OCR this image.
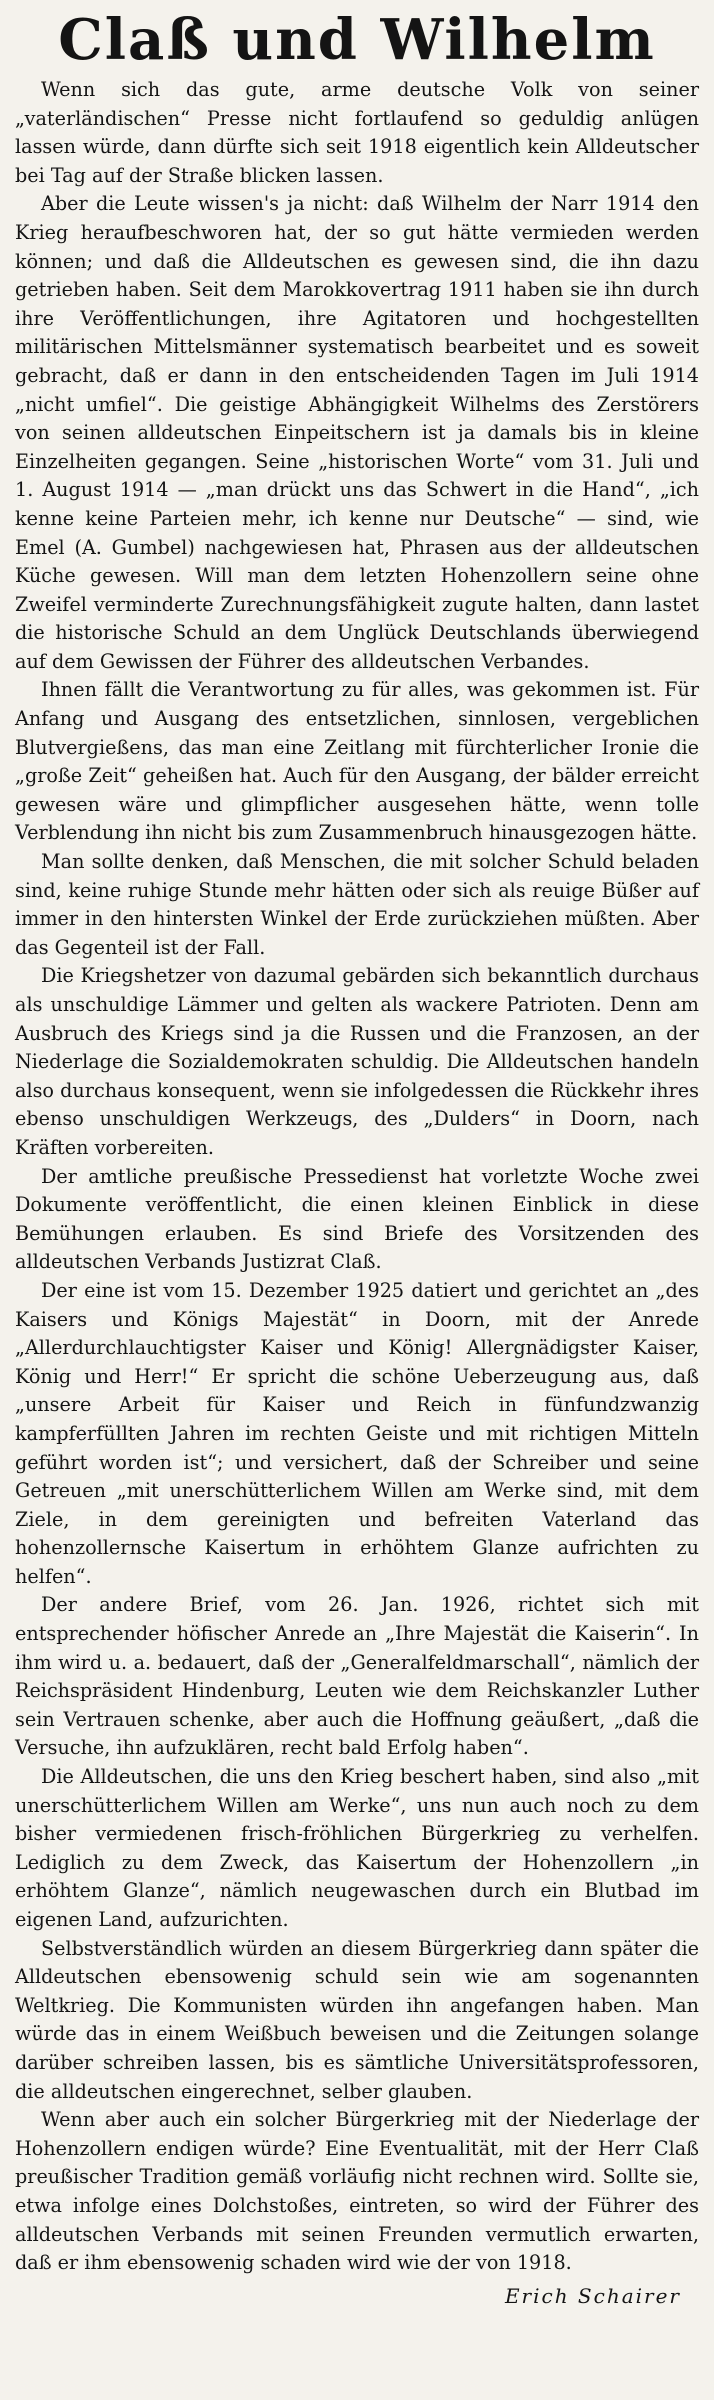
Claß und Wilhelm

Wenn sich das gute, arme deutsche Volk von seiner „vaterländischen“ Presse nicht fortlaufend so geduldig anlügen lassen würde, dann dürfte sich seit 1918 eigentlich kein Alldeutscher bei Tag auf der Straße blicken lassen.

Aber die Leute wissen's ja nicht: daß Wilhelm der Narr 1914 den Krieg heraufbeschworen hat, der so gut hätte vermieden werden können; und daß die Alldeutschen es gewesen sind, die ihn dazu getrieben haben. Seit dem Marokkovertrag 1911 haben sie ihn durch ihre Veröffentlichungen, ihre Agitatoren und hochgestellten militärischen Mittelsmänner systematisch bearbeitet und es soweit gebracht, daß er dann in den entscheidenden Tagen im Juli 1914 „nicht umfiel“. Die geistige Abhängigkeit Wilhelms des Zerstörers von seinen alldeutschen Einpeitschern ist ja damals bis in kleine Einzelheiten gegangen. Seine „historischen Worte“ vom 31. Juli und 1. August 1914 — „man drückt uns das Schwert in die Hand“, „ich kenne keine Parteien mehr, ich kenne nur Deutsche“ — sind, wie Emel (A. Gumbel) nachgewiesen hat, Phrasen aus der alldeutschen Küche gewesen. Will man dem letzten Hohenzollern seine ohne Zweifel verminderte Zurechnungsfähigkeit zugute halten, dann lastet die historische Schuld an dem Unglück Deutschlands überwiegend auf dem Gewissen der Führer des alldeutschen Verbandes.

Ihnen fällt die Verantwortung zu für alles, was gekommen ist. Für Anfang und Ausgang des entsetzlichen, sinnlosen, vergeblichen Blutvergießens, das man eine Zeitlang mit fürchterlicher Ironie die „große Zeit“ geheißen hat. Auch für den Ausgang, der bälder erreicht gewesen wäre und glimpflicher ausgesehen hätte, wenn tolle Verblendung ihn nicht bis zum Zusammenbruch hinausgezogen hätte.

Man sollte denken, daß Menschen, die mit solcher Schuld beladen sind, keine ruhige Stunde mehr hätten oder sich als reuige Büßer auf immer in den hintersten Winkel der Erde zurückziehen müßten. Aber das Gegenteil ist der Fall.

Die Kriegshetzer von dazumal gebärden sich bekanntlich durchaus als unschuldige Lämmer und gelten als wackere Patrioten. Denn am Ausbruch des Kriegs sind ja die Russen und die Franzosen, an der Niederlage die Sozialdemokraten schuldig. Die Alldeutschen handeln also durchaus konsequent, wenn sie infolgedessen die Rückkehr ihres ebenso unschuldigen Werkzeugs, des „Dulders“ in Doorn, nach Kräften vorbereiten.

Der amtliche preußische Pressedienst hat vorletzte Woche zwei Dokumente veröffentlicht, die einen kleinen Einblick in diese Bemühungen erlauben. Es sind Briefe des Vorsitzenden des alldeutschen Verbands Justizrat Claß.

Der eine ist vom 15. Dezember 1925 datiert und gerichtet an „des Kaisers und Königs Majestät“ in Doorn, mit der Anrede „Allerdurchlauchtigster Kaiser und König! Allergnädigster Kaiser, König und Herr!“ Er spricht die schöne Ueberzeugung aus, daß „unsere Arbeit für Kaiser und Reich in fünfundzwanzig kampferfüllten Jahren im rechten Geiste und mit richtigen Mitteln geführt worden ist“; und versichert, daß der Schreiber und seine Getreuen „mit unerschütterlichem Willen am Werke sind, mit dem Ziele, in dem gereinigten und befreiten Vaterland das hohenzollernsche Kaisertum in erhöhtem Glanze aufrichten zu helfen“.

Der andere Brief, vom 26. Jan. 1926, richtet sich mit entsprechender höfischer Anrede an „Ihre Majestät die Kaiserin“. In ihm wird u. a. bedauert, daß der „Generalfeldmarschall“, nämlich der Reichspräsident Hindenburg, Leuten wie dem Reichskanzler Luther sein Vertrauen schenke, aber auch die Hoffnung geäußert, „daß die Versuche, ihn aufzuklären, recht bald Erfolg haben“.

Die Alldeutschen, die uns den Krieg beschert haben, sind also „mit unerschütterlichem Willen am Werke“, uns nun auch noch zu dem bisher vermiedenen frisch-fröhlichen Bürgerkrieg zu verhelfen. Lediglich zu dem Zweck, das Kaisertum der Hohenzollern „in erhöhtem Glanze“, nämlich neugewaschen durch ein Blutbad im eigenen Land, aufzurichten.

Selbstverständlich würden an diesem Bürgerkrieg dann später die Alldeutschen ebensowenig schuld sein wie am sogenannten Weltkrieg. Die Kommunisten würden ihn angefangen haben. Man würde das in einem Weißbuch beweisen und die Zeitungen solange darüber schreiben lassen, bis es sämtliche Universitätsprofessoren, die alldeutschen eingerechnet, selber glauben.

Wenn aber auch ein solcher Bürgerkrieg mit der Niederlage der Hohenzollern endigen würde? Eine Eventualität, mit der Herr Claß preußischer Tradition gemäß vorläufig nicht rechnen wird. Sollte sie, etwa infolge eines Dolchstoßes, eintreten, so wird der Führer des alldeutschen Verbands mit seinen Freunden vermutlich erwarten, daß er ihm ebensowenig schaden wird wie der von 1918.

Erich Schairer
